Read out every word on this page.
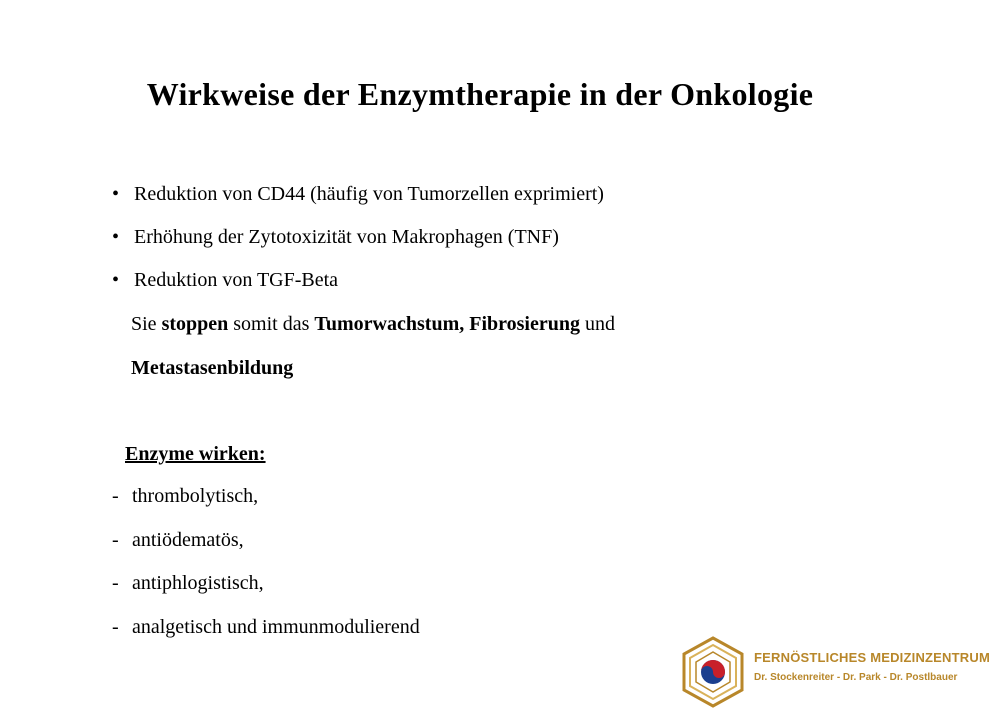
Wirkweise der Enzymtherapie in der Onkologie
• Reduktion von CD44 (häufig von Tumorzellen exprimiert)
• Erhöhung der Zytotoxizität von Makrophagen (TNF)
• Reduktion von TGF-Beta
Sie stoppen somit das Tumorwachstum, Fibrosierung und
Metastasenbildung
Enzyme wirken:
- thrombolytisch,
- antiödematös,
- antiphlogistisch,
- analgetisch und immunmodulierend
FERNÖSTLICHES MEDIZINZENTRUM
Dr. Stockenreiter - Dr. Park - Dr. Postlbauer
